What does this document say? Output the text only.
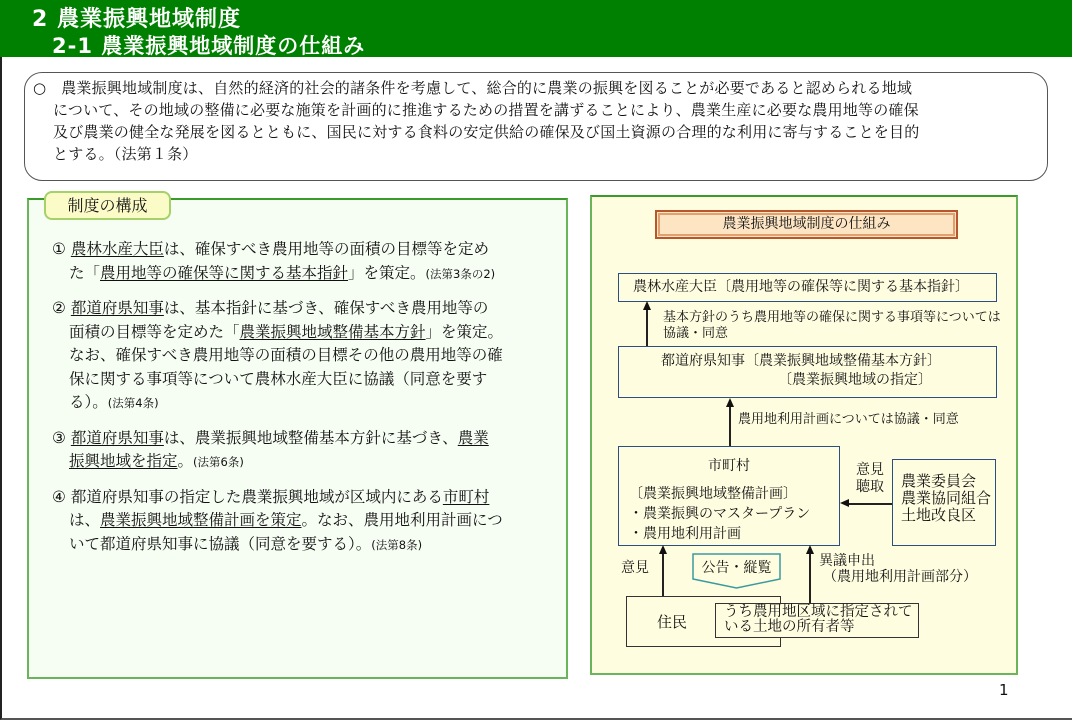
2 農業振興地域制度
2-1 農業振興地域制度の仕組み

○ 農業振興地域制度は、自然的経済的社会的諸条件を考慮して、総合的に農業の振興を図ることが必要であると認められる地域

について、その地域の整備に必要な施策を計画的に推進するための措置を講ずることにより、農業生産に必要な農用地等の確保

及び農業の健全な発展を図るとともに、国民に対する食料の安定供給の確保及び国土資源の合理的な利用に寄与することを目的

とする。（法第１条）

制度の構成
① 農林水産大臣は、確保すべき農用地等の面積の目標等を定め
た「農用地等の確保等に関する基本指針」を策定。(法第3条の2)
② 都道府県知事は、基本指針に基づき、確保すべき農用地等の
面積の目標等を定めた「農業振興地域整備基本方針」を策定。
なお、確保すべき農用地等の面積の目標その他の農用地等の確
保に関する事項等について農林水産大臣に協議（同意を要す
る）。(法第4条)
③ 都道府県知事は、農業振興地域整備基本方針に基づき、農業
振興地域を指定。(法第6条)
④ 都道府県知事の指定した農業振興地域が区域内にある市町村
は、農業振興地域整備計画を策定。なお、農用地利用計画につ
いて都道府県知事に協議（同意を要する）。(法第8条)
農業振興地域制度の仕組み
農林水産大臣〔農用地等の確保等に関する基本指針〕
基本方針のうち農用地等の確保に関する事項等については
協議・同意
都道府県知事〔農業振興地域整備基本方針〕
〔農業振興地域の指定〕
農用地利用計画については協議・同意
市町村
〔農業振興地域整備計画〕
・農業振興のマスタープラン
・農用地利用計画
意見
聴取 農業委員会
農業協同組合
土地改良区
意見	公告・縦覧	異議申出
（農用地利用計画部分）
住民
うち農用地区域に指定されて
いる土地の所有者等
1
